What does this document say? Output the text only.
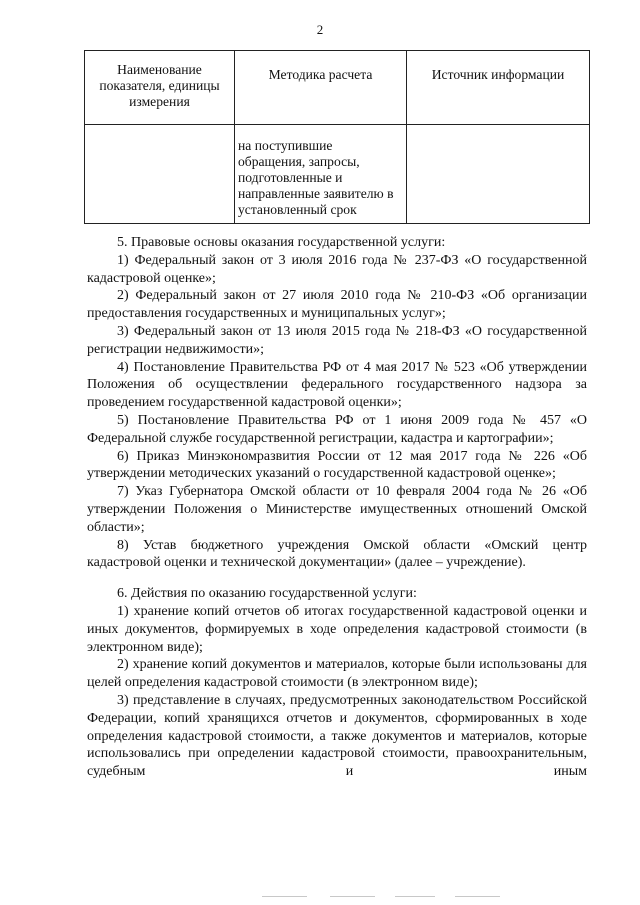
2
Наименование показателя, единицы измерения	Методика расчета	Источник информации

	на поступившие обращения, запросы, подготовленные и направленные заявителю в установленный срок	

5. Правовые основы оказания государственной услуги:

1) Федеральный закон от 3 июля 2016 года № 237-ФЗ «О государственной кадастровой оценке»;

2) Федеральный закон от 27 июля 2010 года № 210-ФЗ «Об организации предоставления государственных и муниципальных услуг»;

3) Федеральный закон от 13 июля 2015 года № 218-ФЗ «О государственной регистрации недвижимости»;

4) Постановление Правительства РФ от 4 мая 2017 № 523 «Об утверждении Положения об осуществлении федерального государственного надзора за проведением государственной кадастровой оценки»;

5) Постановление Правительства РФ от 1 июня 2009 года № 457 «О Федеральной службе государственной регистрации, кадастра и картографии»;

6) Приказ Минэкономразвития России от 12 мая 2017 года № 226 «Об утверждении методических указаний о государственной кадастровой оценке»;

7) Указ Губернатора Омской области от 10 февраля 2004 года № 26 «Об утверждении Положения о Министерстве имущественных отношений Омской области»;

8) Устав бюджетного учреждения Омской области «Омский центр кадастровой оценки и технической документации» (далее – учреждение).

6. Действия по оказанию государственной услуги:

1) хранение копий отчетов об итогах государственной кадастровой оценки и иных документов, формируемых в ходе определения кадастровой стоимости (в электронном виде);

2) хранение копий документов и материалов, которые были использованы для целей определения кадастровой стоимости (в электронном виде);

3) представление в случаях, предусмотренных законодательством Российской Федерации, копий хранящихся отчетов и документов, сформированных в ходе определения кадастровой стоимости, а также документов и материалов, которые использовались при определении кадастровой стоимости, правоохранительным, судебным и иным
